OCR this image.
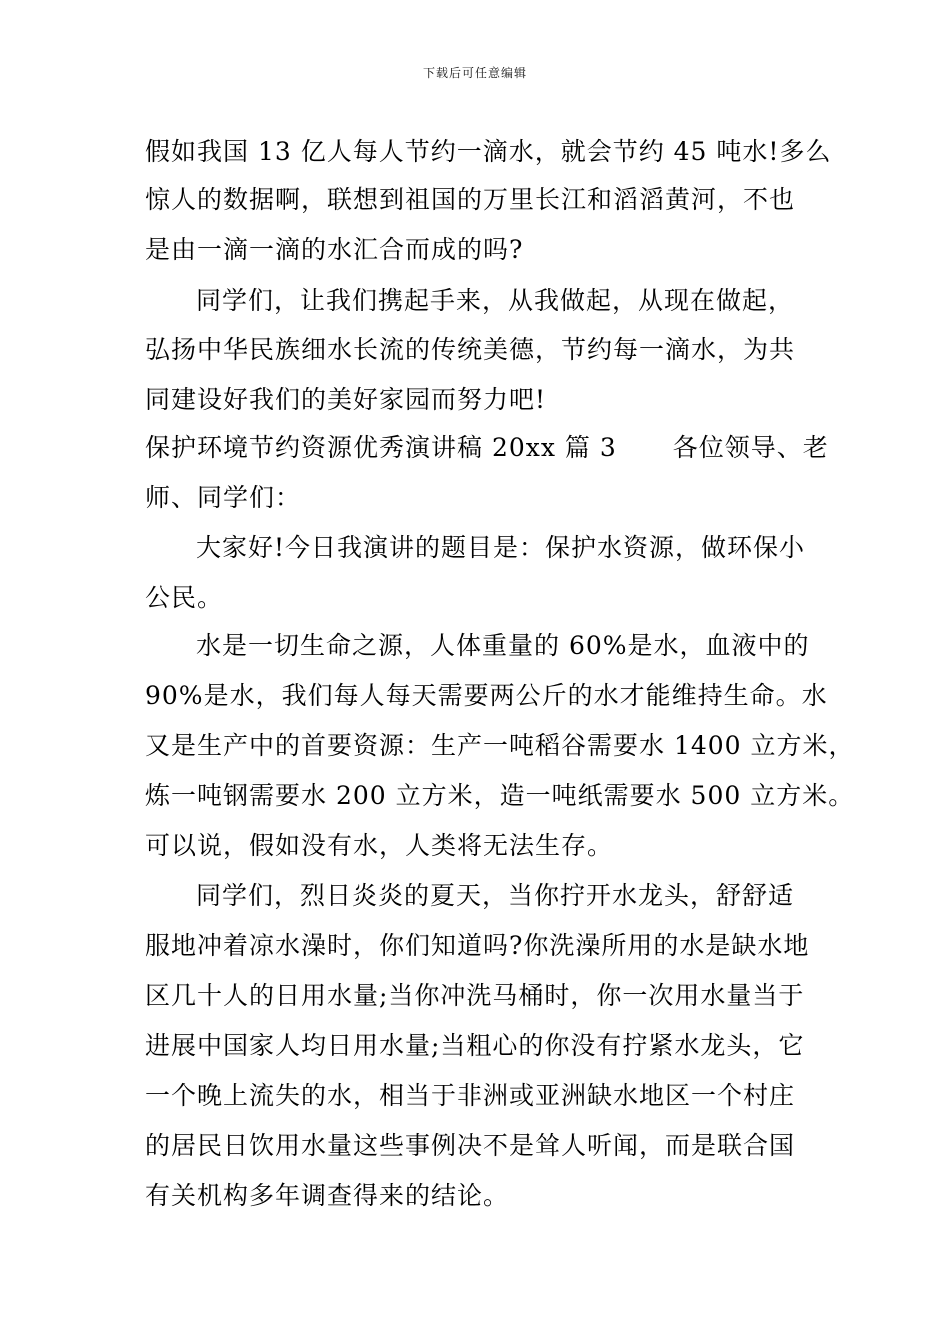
下载后可任意编辑
假如我国 13 亿人每人节约一滴水，就会节约 45 吨水!多么
惊人的数据啊，联想到祖国的万里长江和滔滔黄河，不也
是由一滴一滴的水汇合而成的吗?
同学们，让我们携起手来，从我做起，从现在做起，
弘扬中华民族细水长流的传统美德，节约每一滴水，为共
同建设好我们的美好家园而努力吧!
保护环境节约资源优秀演讲稿 20xx 篇 3 各位领导、老
师、同学们：
大家好!今日我演讲的题目是：保护水资源，做环保小
公民。
水是一切生命之源，人体重量的 60%是水，血液中的
90%是水，我们每人每天需要两公斤的水才能维持生命。水
又是生产中的首要资源：生产一吨稻谷需要水 1400 立方米，
炼一吨钢需要水 200 立方米，造一吨纸需要水 500 立方米。
可以说，假如没有水，人类将无法生存。
同学们，烈日炎炎的夏天，当你拧开水龙头，舒舒适
服地冲着凉水澡时，你们知道吗?你洗澡所用的水是缺水地
区几十人的日用水量;当你冲洗马桶时，你一次用水量当于
进展中国家人均日用水量;当粗心的你没有拧紧水龙头，它
一个晚上流失的水，相当于非洲或亚洲缺水地区一个村庄
的居民日饮用水量这些事例决不是耸人听闻，而是联合国
有关机构多年调查得来的结论。
